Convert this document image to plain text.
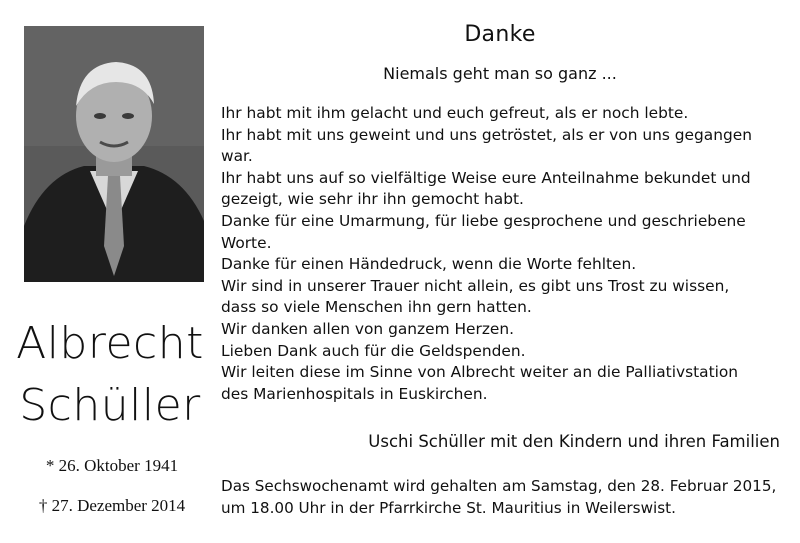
Albrecht
Schüller
* 26. Oktober 1941
† 27. Dezember 2014
Danke
Niemals geht man so ganz ...
Ihr habt mit ihm gelacht und euch gefreut, als er noch lebte.
Ihr habt mit uns geweint und uns getröstet, als er von uns gegangen
war.
Ihr habt uns auf so vielfältige Weise eure Anteilnahme bekundet und
gezeigt, wie sehr ihr ihn gemocht habt.
Danke für eine Umarmung, für liebe gesprochene und geschriebene
Worte.
Danke für einen Händedruck, wenn die Worte fehlten.
Wir sind in unserer Trauer nicht allein, es gibt uns Trost zu wissen,
dass so viele Menschen ihn gern hatten.
Wir danken allen von ganzem Herzen.
Lieben Dank auch für die Geldspenden.
Wir leiten diese im Sinne von Albrecht weiter an die Palliativstation
des Marienhospitals in Euskirchen.
Uschi Schüller mit den Kindern und ihren Familien
Das Sechswochenamt wird gehalten am Samstag, den 28. Februar 2015,
um 18.00 Uhr in der Pfarrkirche St. Mauritius in Weilerswist.
